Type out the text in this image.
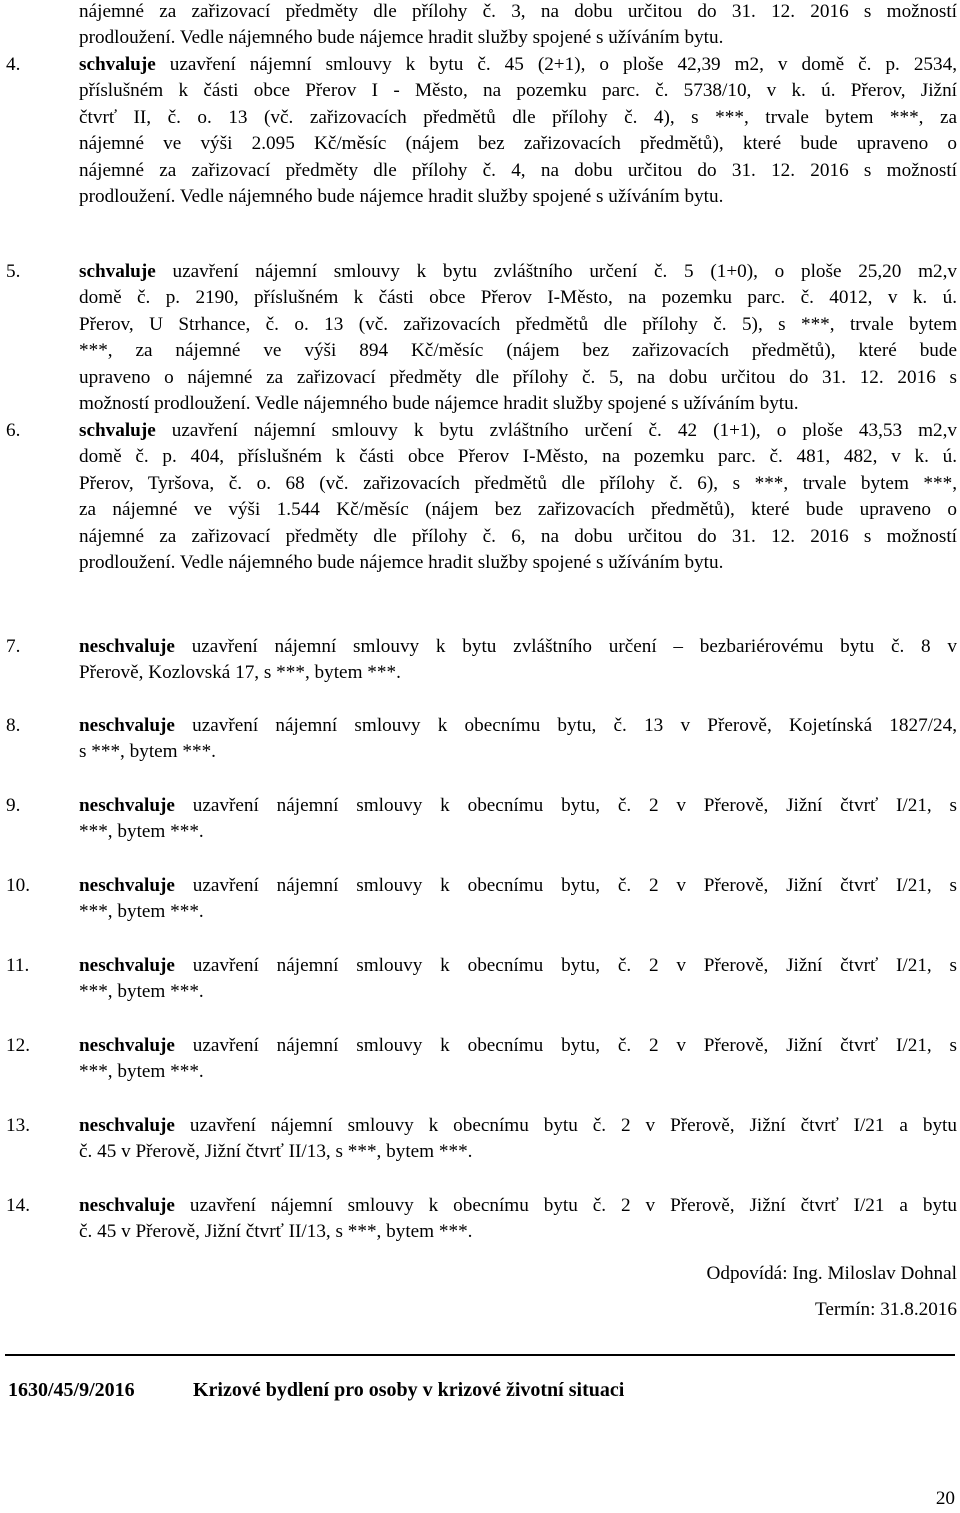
nájemné za zařizovací předměty dle přílohy č. 3, na dobu určitou do 31. 12. 2016 s možností
prodloužení. Vedle nájemného bude nájemce hradit služby spojené s užíváním bytu.
4.	schvaluje uzavření nájemní smlouvy k bytu č. 45 (2+1), o ploše 42,39 m2, v domě č. p. 2534,
příslušném k části obce Přerov I - Město, na pozemku parc. č. 5738/10, v k. ú. Přerov, Jižní
čtvrť II, č. o. 13 (vč. zařizovacích předmětů dle přílohy č. 4), s ***, trvale bytem ***, za
nájemné ve výši 2.095 Kč/měsíc (nájem bez zařizovacích předmětů), které bude upraveno o
nájemné za zařizovací předměty dle přílohy č. 4, na dobu určitou do 31. 12. 2016 s možností
prodloužení. Vedle nájemného bude nájemce hradit služby spojené s užíváním bytu.
5.	schvaluje uzavření nájemní smlouvy k bytu zvláštního určení č. 5 (1+0), o ploše 25,20 m2,v
domě č. p. 2190, příslušném k části obce Přerov I-Město, na pozemku parc. č. 4012, v k. ú.
Přerov, U Strhance, č. o. 13 (vč. zařizovacích předmětů dle přílohy č. 5), s ***, trvale bytem
***, za nájemné ve výši 894 Kč/měsíc (nájem bez zařizovacích předmětů), které bude
upraveno o nájemné za zařizovací předměty dle přílohy č. 5, na dobu určitou do 31. 12. 2016 s
možností prodloužení. Vedle nájemného bude nájemce hradit služby spojené s užíváním bytu.
6.	schvaluje uzavření nájemní smlouvy k bytu zvláštního určení č. 42 (1+1), o ploše 43,53 m2,v
domě č. p. 404, příslušném k části obce Přerov I-Město, na pozemku parc. č. 481, 482, v k. ú.
Přerov, Tyršova, č. o. 68 (vč. zařizovacích předmětů dle přílohy č. 6), s ***, trvale bytem ***,
za nájemné ve výši 1.544 Kč/měsíc (nájem bez zařizovacích předmětů), které bude upraveno o
nájemné za zařizovací předměty dle přílohy č. 6, na dobu určitou do 31. 12. 2016 s možností
prodloužení. Vedle nájemného bude nájemce hradit služby spojené s užíváním bytu.
7.	neschvaluje uzavření nájemní smlouvy k bytu zvláštního určení – bezbariérovému bytu č. 8 v
Přerově, Kozlovská 17, s ***, bytem ***.
8.	neschvaluje uzavření nájemní smlouvy k obecnímu bytu, č. 13 v Přerově, Kojetínská 1827/24,
s ***, bytem ***.
9.	neschvaluje uzavření nájemní smlouvy k obecnímu bytu, č. 2 v Přerově, Jižní čtvrť I/21, s
***, bytem ***.
10.	neschvaluje uzavření nájemní smlouvy k obecnímu bytu, č. 2 v Přerově, Jižní čtvrť I/21, s
***, bytem ***.
11.	neschvaluje uzavření nájemní smlouvy k obecnímu bytu, č. 2 v Přerově, Jižní čtvrť I/21, s
***, bytem ***.
12.	neschvaluje uzavření nájemní smlouvy k obecnímu bytu, č. 2 v Přerově, Jižní čtvrť I/21, s
***, bytem ***.
13.	neschvaluje uzavření nájemní smlouvy k obecnímu bytu č. 2 v Přerově, Jižní čtvrť I/21 a bytu
č. 45 v Přerově, Jižní čtvrť II/13, s ***, bytem ***.
14.	neschvaluje uzavření nájemní smlouvy k obecnímu bytu č. 2 v Přerově, Jižní čtvrť I/21 a bytu
č. 45 v Přerově, Jižní čtvrť II/13, s ***, bytem ***.
Odpovídá: Ing. Miloslav Dohnal
Termín: 31.8.2016
1630/45/9/2016	Krizové bydlení pro osoby v krizové životní situaci
20
